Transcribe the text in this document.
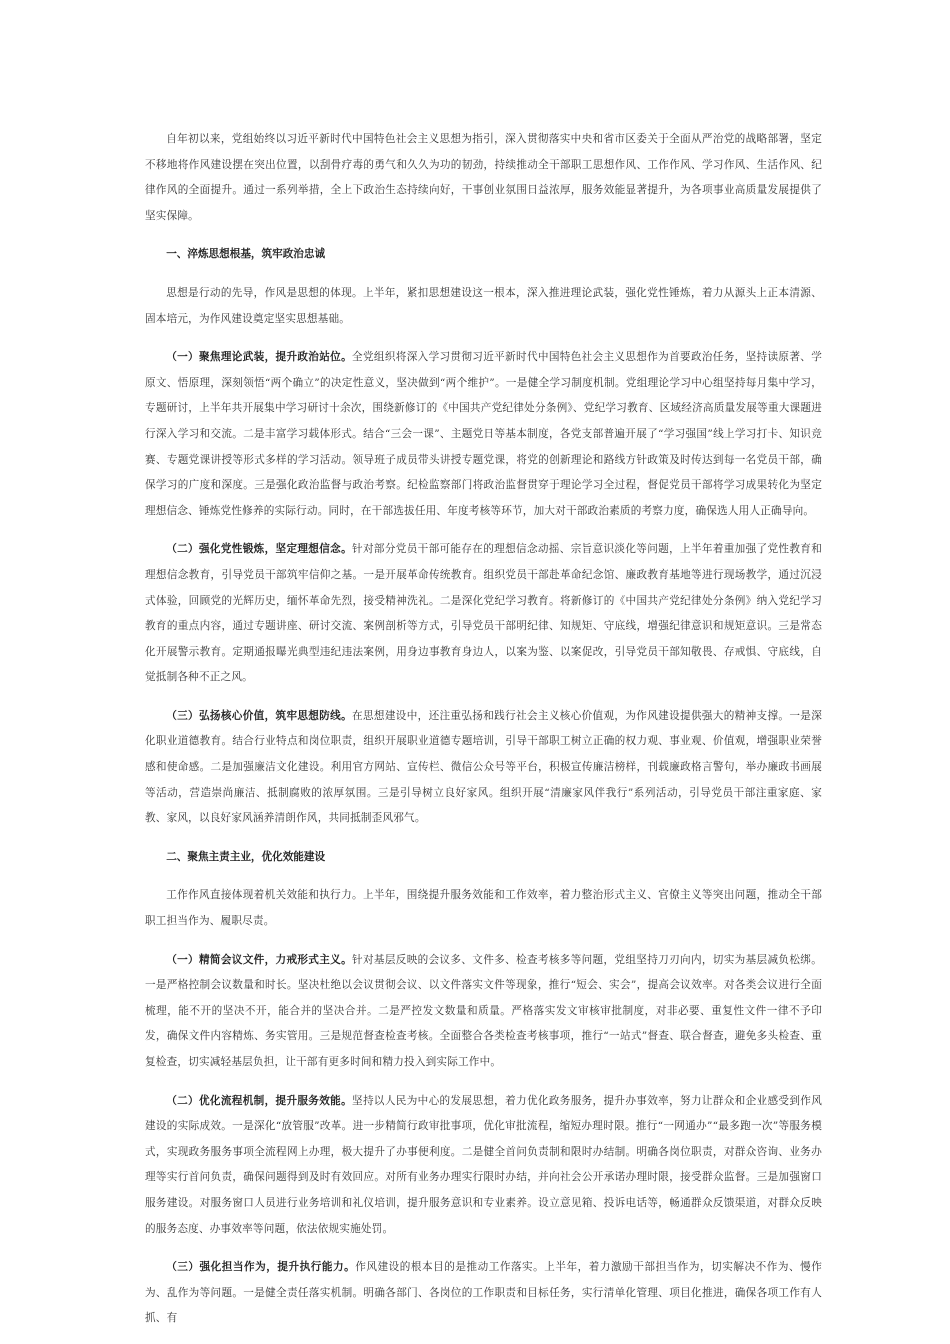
自年初以来，党组始终以习近平新时代中国特色社会主义思想为指引，深入贯彻落实中央和省市区委关于全面从严治党的战略部署，坚定不移地将作风建设摆在突出位置，以刮骨疗毒的勇气和久久为功的韧劲，持续推动全干部职工思想作风、工作作风、学习作风、生活作风、纪律作风的全面提升。通过一系列举措，全上下政治生态持续向好，干事创业氛围日益浓厚，服务效能显著提升，为各项事业高质量发展提供了坚实保障。

一、淬炼思想根基，筑牢政治忠诚

思想是行动的先导，作风是思想的体现。上半年，紧扣思想建设这一根本，深入推进理论武装，强化党性锤炼，着力从源头上正本清源、固本培元，为作风建设奠定坚实思想基础。

（一）聚焦理论武装，提升政治站位。全党组织将深入学习贯彻习近平新时代中国特色社会主义思想作为首要政治任务，坚持读原著、学原文、悟原理，深刻领悟“两个确立”的决定性意义，坚决做到“两个维护”。一是健全学习制度机制。党组理论学习中心组坚持每月集中学习，专题研讨，上半年共开展集中学习研讨十余次，围绕新修订的《中国共产党纪律处分条例》、党纪学习教育、区域经济高质量发展等重大课题进行深入学习和交流。二是丰富学习载体形式。结合“三会一课”、主题党日等基本制度，各党支部普遍开展了“学习强国”线上学习打卡、知识竞赛、专题党课讲授等形式多样的学习活动。领导班子成员带头讲授专题党课，将党的创新理论和路线方针政策及时传达到每一名党员干部，确保学习的广度和深度。三是强化政治监督与政治考察。纪检监察部门将政治监督贯穿于理论学习全过程，督促党员干部将学习成果转化为坚定理想信念、锤炼党性修养的实际行动。同时，在干部选拔任用、年度考核等环节，加大对干部政治素质的考察力度，确保选人用人正确导向。

（二）强化党性锻炼，坚定理想信念。针对部分党员干部可能存在的理想信念动摇、宗旨意识淡化等问题，上半年着重加强了党性教育和理想信念教育，引导党员干部筑牢信仰之基。一是开展革命传统教育。组织党员干部赴革命纪念馆、廉政教育基地等进行现场教学，通过沉浸式体验，回顾党的光辉历史，缅怀革命先烈，接受精神洗礼。二是深化党纪学习教育。将新修订的《中国共产党纪律处分条例》纳入党纪学习教育的重点内容，通过专题讲座、研讨交流、案例剖析等方式，引导党员干部明纪律、知规矩、守底线，增强纪律意识和规矩意识。三是常态化开展警示教育。定期通报曝光典型违纪违法案例，用身边事教育身边人，以案为鉴、以案促改，引导党员干部知敬畏、存戒惧、守底线，自觉抵制各种不正之风。

（三）弘扬核心价值，筑牢思想防线。在思想建设中，还注重弘扬和践行社会主义核心价值观，为作风建设提供强大的精神支撑。一是深化职业道德教育。结合行业特点和岗位职责，组织开展职业道德专题培训，引导干部职工树立正确的权力观、事业观、价值观，增强职业荣誉感和使命感。二是加强廉洁文化建设。利用官方网站、宣传栏、微信公众号等平台，积极宣传廉洁榜样，刊载廉政格言警句，举办廉政书画展等活动，营造崇尚廉洁、抵制腐败的浓厚氛围。三是引导树立良好家风。组织开展“清廉家风伴我行”系列活动，引导党员干部注重家庭、家教、家风，以良好家风涵养清朗作风，共同抵制歪风邪气。

二、聚焦主责主业，优化效能建设

工作作风直接体现着机关效能和执行力。上半年，围绕提升服务效能和工作效率，着力整治形式主义、官僚主义等突出问题，推动全干部职工担当作为、履职尽责。

（一）精简会议文件，力戒形式主义。针对基层反映的会议多、文件多、检查考核多等问题，党组坚持刀刃向内，切实为基层减负松绑。一是严格控制会议数量和时长。坚决杜绝以会议贯彻会议、以文件落实文件等现象，推行“短会、实会”，提高会议效率。对各类会议进行全面梳理，能不开的坚决不开，能合并的坚决合并。二是严控发文数量和质量。严格落实发文审核审批制度，对非必要、重复性文件一律不予印发，确保文件内容精炼、务实管用。三是规范督查检查考核。全面整合各类检查考核事项，推行“一站式”督查、联合督查，避免多头检查、重复检查，切实减轻基层负担，让干部有更多时间和精力投入到实际工作中。

（二）优化流程机制，提升服务效能。坚持以人民为中心的发展思想，着力优化政务服务，提升办事效率，努力让群众和企业感受到作风建设的实际成效。一是深化“放管服”改革。进一步精简行政审批事项，优化审批流程，缩短办理时限。推行“一网通办”“最多跑一次”等服务模式，实现政务服务事项全流程网上办理，极大提升了办事便利度。二是健全首问负责制和限时办结制。明确各岗位职责，对群众咨询、业务办理等实行首问负责，确保问题得到及时有效回应。对所有业务办理实行限时办结，并向社会公开承诺办理时限，接受群众监督。三是加强窗口服务建设。对服务窗口人员进行业务培训和礼仪培训，提升服务意识和专业素养。设立意见箱、投诉电话等，畅通群众反馈渠道，对群众反映的服务态度、办事效率等问题，依法依规实施处罚。

（三）强化担当作为，提升执行能力。作风建设的根本目的是推动工作落实。上半年，着力激励干部担当作为，切实解决不作为、慢作为、乱作为等问题。一是健全责任落实机制。明确各部门、各岗位的工作职责和目标任务，实行清单化管理、项目化推进，确保各项工作有人抓、有
